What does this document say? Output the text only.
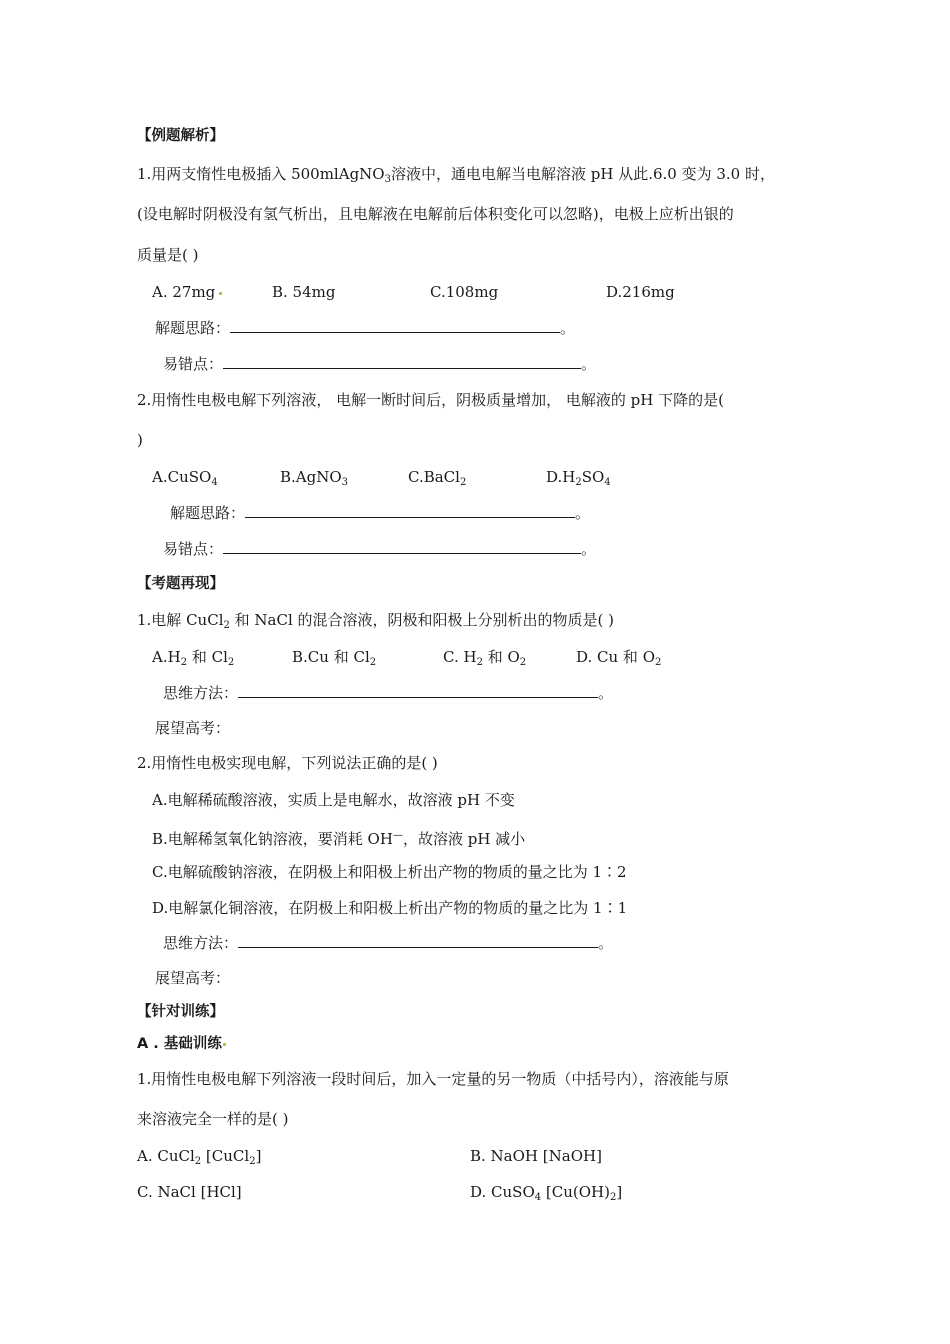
【例题解析】
1.用两支惰性电极插入 500mlAgNO$_3$溶液中，通电电解当电解溶液 pH 从此.6.0 变为 3.0 时，
(设电解时阴极没有氢气析出，且电解液在电解前后体积变化可以忽略)，电极上应析出银的
质量是( )
A. 27mg	B. 54mg	C.108mg	D.216mg
解题思路：	。
易错点：	。
2.用惰性电极电解下列溶液， 电解一断时间后，阴极质量增加， 电解液的 pH 下降的是(
)
A.CuSO$_4$	B.AgNO$_3$	C.BaCl$_2$	$D.H_2SO_4$
解题思路：	。
易错点：	。
【考题再现】
1.电解 CuCl$_2$ 和 NaCl 的混合溶液，阴极和阳极上分别析出的物质是( )
$A.H_2$ 和 $Cl_2$	B.Cu 和 $Cl_2$	C. $H_2$ 和 $O_2$	D. Cu 和 $O_2$
思维方法：	。
展望高考：
2.用惰性电极实现电解，下列说法正确的是( )
A.电解稀硫酸溶液，实质上是电解水，故溶液 pH 不变
B.电解稀氢氧化钠溶液，要消耗 OH—，故溶液 pH 减小
C.电解硫酸钠溶液，在阴极上和阳极上析出产物的物质的量之比为 1∶2
D.电解氯化铜溶液，在阴极上和阳极上析出产物的物质的量之比为 1∶1
思维方法：	。
展望高考：
【针对训练】
A . 基础训练
1.用惰性电极电解下列溶液一段时间后，加入一定量的另一物质（中括号内），溶液能与原
来溶液完全一样的是( )
A. CuCl$_2$ [CuCl$_2$]	B. NaOH [NaOH]
C. NaCl [HCl]	D. CuSO$_4$ $[Cu(OH)_2]$
